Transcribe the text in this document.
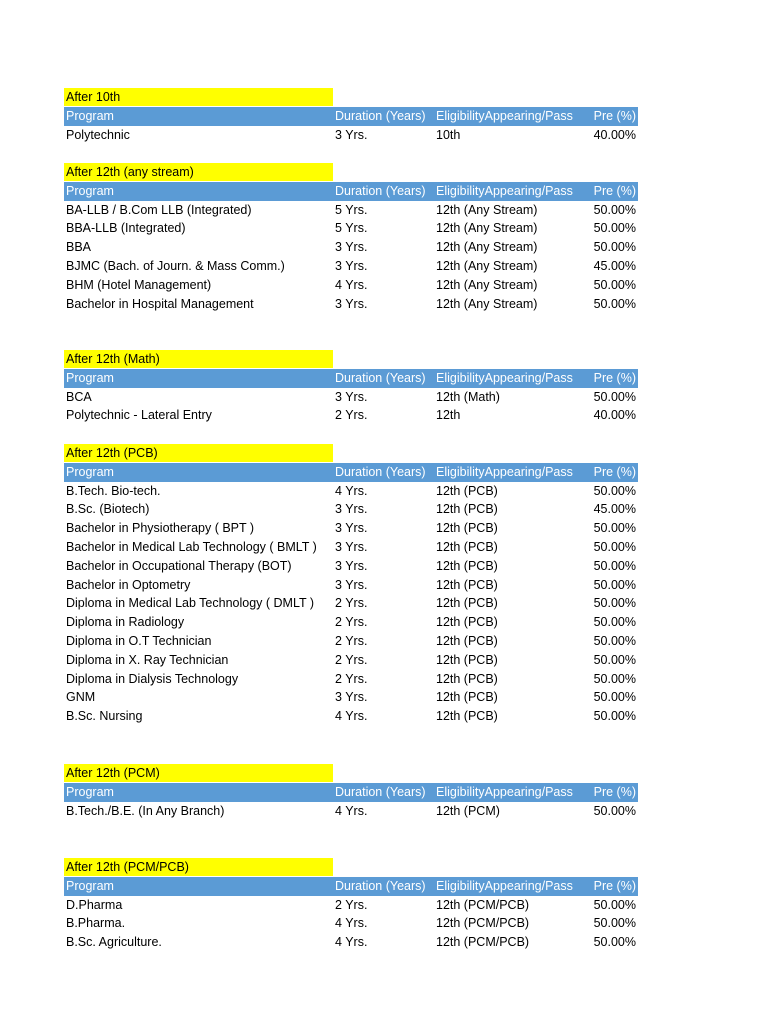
After 10th
Program	Duration (Years) EligibilityAppearing/Pass Pre (%)
Polytechnic	3 Yrs.	10th	40.00%
After 12th (any stream)
Program	Duration (Years) EligibilityAppearing/Pass Pre (%)
BA-LLB / B.Com LLB (Integrated)	5 Yrs.	12th (Any Stream)	50.00%
BBA-LLB (Integrated)	5 Yrs.	12th (Any Stream)	50.00%
BBA	3 Yrs.	12th (Any Stream)	50.00%
BJMC (Bach. of Journ. & Mass Comm.)	3 Yrs.	12th (Any Stream)	45.00%
BHM (Hotel Management)	4 Yrs.	12th (Any Stream)	50.00%
Bachelor in Hospital Management	3 Yrs.	12th (Any Stream)	50.00%
After 12th (Math)
Program	Duration (Years) EligibilityAppearing/Pass Pre (%)
BCA	3 Yrs.	12th (Math)	50.00%
Polytechnic - Lateral Entry	2 Yrs.	12th	40.00%
After 12th (PCB)
Program	Duration (Years) EligibilityAppearing/Pass Pre (%)
B.Tech. Bio-tech.	4 Yrs.	12th (PCB)	50.00%
B.Sc. (Biotech)	3 Yrs.	12th (PCB)	45.00%
Bachelor in Physiotherapy ( BPT )	3 Yrs.	12th (PCB)	50.00%
Bachelor in Medical Lab Technology ( BMLT ) 3 Yrs.	12th (PCB)	50.00%
Bachelor in Occupational Therapy (BOT)	3 Yrs.	12th (PCB)	50.00%
Bachelor in Optometry	3 Yrs.	12th (PCB)	50.00%
Diploma in Medical Lab Technology ( DMLT ) 2 Yrs.	12th (PCB)	50.00%
Diploma in Radiology	2 Yrs.	12th (PCB)	50.00%
Diploma in O.T Technician	2 Yrs.	12th (PCB)	50.00%
Diploma in X. Ray Technician	2 Yrs.	12th (PCB)	50.00%
Diploma in Dialysis Technology	2 Yrs.	12th (PCB)	50.00%
GNM	3 Yrs.	12th (PCB)	50.00%
B.Sc. Nursing	4 Yrs.	12th (PCB)	50.00%
After 12th (PCM)
Program	Duration (Years) EligibilityAppearing/Pass Pre (%)
B.Tech./B.E. (In Any Branch)	4 Yrs.	12th (PCM)	50.00%
After 12th (PCM/PCB)
Program	Duration (Years) EligibilityAppearing/Pass Pre (%)
D.Pharma	2 Yrs.	12th (PCM/PCB)	50.00%
B.Pharma.	4 Yrs.	12th (PCM/PCB)	50.00%
B.Sc. Agriculture.	4 Yrs.	12th (PCM/PCB)	50.00%
